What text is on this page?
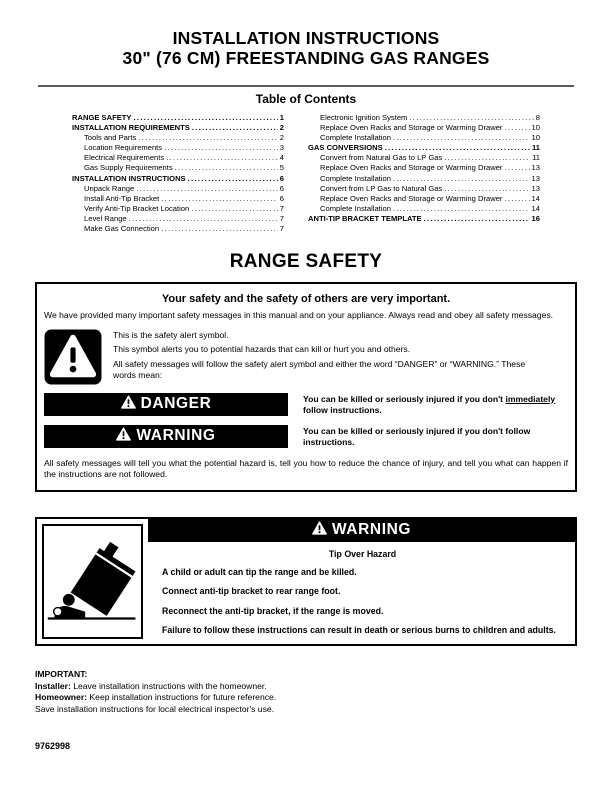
INSTALLATION INSTRUCTIONS
30" (76 CM) FREESTANDING GAS RANGES
Table of Contents
RANGE SAFETY .....	1
INSTALLATION REQUIREMENTS .....	2
Tools and Parts .....	2
Location Requirements .....	3
Electrical Requirements .....	4
Gas Supply Requirements .....	5
INSTALLATION INSTRUCTIONS .....	6
Unpack Range .....	6
Install Anti-Tip Bracket .....	6
Verify Anti-Tip Bracket Location .....	7
Level Range .....	7
Make Gas Connection .....	7
Electronic Ignition System .....	8
Replace Oven Racks and Storage or Warming Drawer .....	10
Complete Installation .....	10
GAS CONVERSIONS .....	11
Convert from Natural Gas to LP Gas .....	11
Replace Oven Racks and Storage or Warming Drawer .....	13
Complete Installation .....	13
Convert from LP Gas to Natural Gas .....	13
Replace Oven Racks and Storage or Warming Drawer .....	14
Complete Installation .....	14
ANTI-TIP BRACKET TEMPLATE .....	16
RANGE SAFETY
Your safety and the safety of others are very important.
We have provided many important safety messages in this manual and on your appliance. Always read and obey all safety messages.
This is the safety alert symbol.
This symbol alerts you to potential hazards that can kill or hurt you and others.
All safety messages will follow the safety alert symbol and either the word “DANGER” or “WARNING.” These words mean:
DANGER	You can be killed or seriously injured if you don't immediately follow instructions.
WARNING	You can be killed or seriously injured if you don't follow instructions.
All safety messages will tell you what the potential hazard is, tell you how to reduce the chance of injury, and tell you what can happen if the instructions are not followed.
WARNING
Tip Over Hazard
A child or adult can tip the range and be killed.
Connect anti-tip bracket to rear range foot.
Reconnect the anti-tip bracket, if the range is moved.
Failure to follow these instructions can result in death or serious burns to children and adults.
IMPORTANT:
Installer: Leave installation instructions with the homeowner.
Homeowner: Keep installation instructions for future reference.
Save installation instructions for local electrical inspector's use.
9762998
